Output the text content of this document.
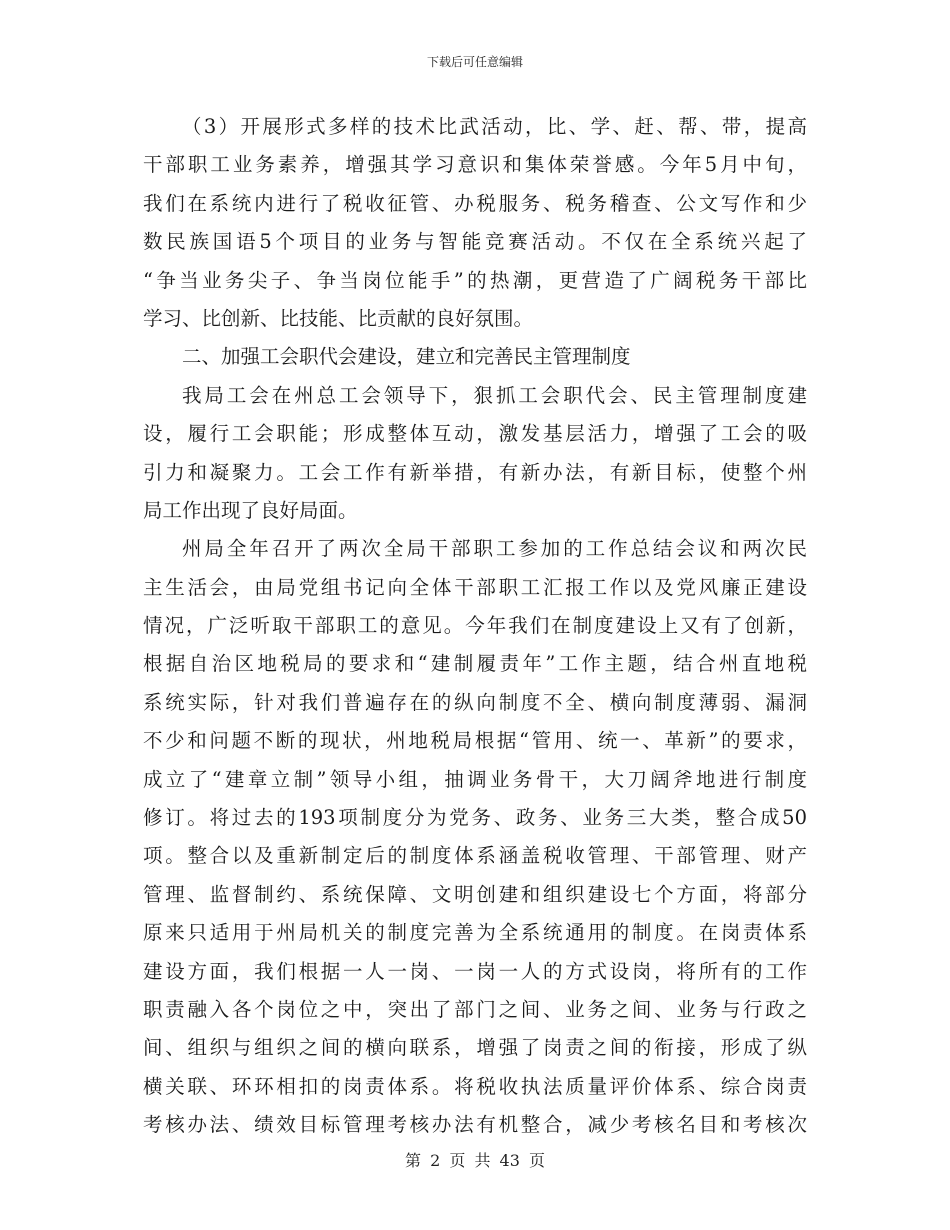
下载后可任意编辑
（3）开展形式多样的技术比武活动，比、学、赶、帮、带，提高
干部职工业务素养，增强其学习意识和集体荣誉感。今年5月中旬，
我们在系统内进行了税收征管、办税服务、税务稽查、公文写作和少
数民族国语5个项目的业务与智能竞赛活动。不仅在全系统兴起了
“争当业务尖子、争当岗位能手”的热潮，更营造了广阔税务干部比
学习、比创新、比技能、比贡献的良好氛围。
二、加强工会职代会建设，建立和完善民主管理制度
我局工会在州总工会领导下，狠抓工会职代会、民主管理制度建
设，履行工会职能；形成整体互动，激发基层活力，增强了工会的吸
引力和凝聚力。工会工作有新举措，有新办法，有新目标，使整个州
局工作出现了良好局面。
州局全年召开了两次全局干部职工参加的工作总结会议和两次民
主生活会，由局党组书记向全体干部职工汇报工作以及党风廉正建设
情况，广泛听取干部职工的意见。今年我们在制度建设上又有了创新，
根据自治区地税局的要求和“建制履责年”工作主题，结合州直地税
系统实际，针对我们普遍存在的纵向制度不全、横向制度薄弱、漏洞
不少和问题不断的现状，州地税局根据“管用、统一、革新”的要求，
成立了“建章立制”领导小组，抽调业务骨干，大刀阔斧地进行制度
修订。将过去的193项制度分为党务、政务、业务三大类，整合成50
项。整合以及重新制定后的制度体系涵盖税收管理、干部管理、财产
管理、监督制约、系统保障、文明创建和组织建设七个方面，将部分
原来只适用于州局机关的制度完善为全系统通用的制度。在岗责体系
建设方面，我们根据一人一岗、一岗一人的方式设岗，将所有的工作
职责融入各个岗位之中，突出了部门之间、业务之间、业务与行政之
间、组织与组织之间的横向联系，增强了岗责之间的衔接，形成了纵
横关联、环环相扣的岗责体系。将税收执法质量评价体系、综合岗责
考核办法、绩效目标管理考核办法有机整合，减少考核名目和考核次
第 2 页 共 43 页
